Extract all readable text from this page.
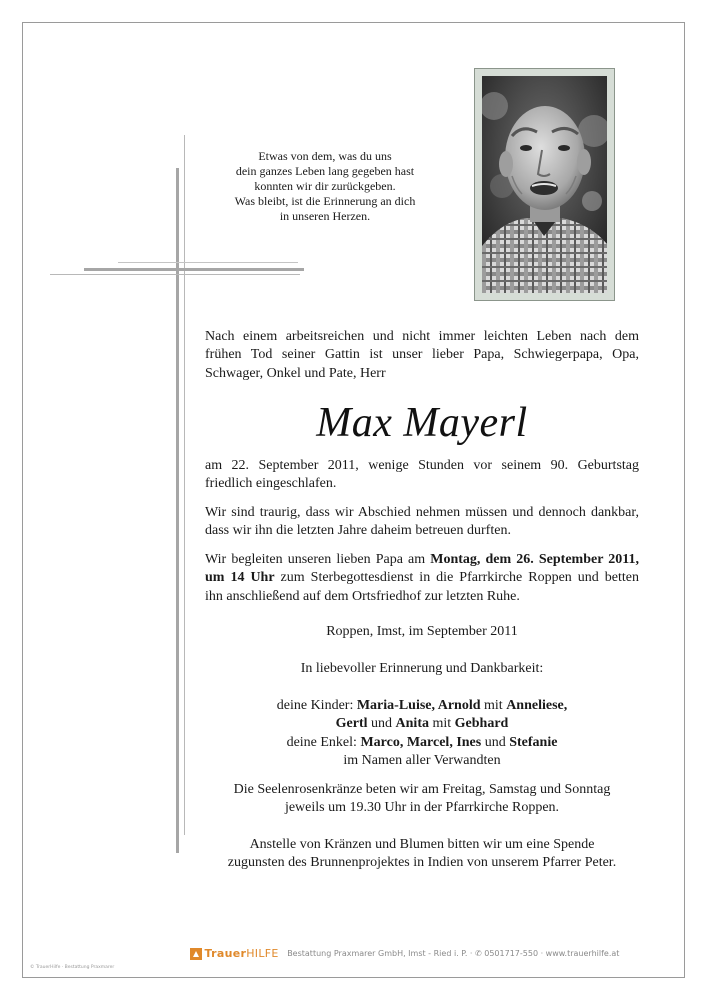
Etwas von dem, was du uns
dein ganzes Leben lang gegeben hast
konnten wir dir zurückgeben.
Was bleibt, ist die Erinnerung an dich
in unseren Herzen.
Nach einem arbeitsreichen und nicht immer leichten Leben nach dem
frühen Tod seiner Gattin ist unser lieber Papa, Schwiegerpapa, Opa,
Schwager, Onkel und Pate, Herr
Max Mayerl
am 22. September 2011, wenige Stunden vor seinem 90. Geburtstag
friedlich eingeschlafen.
Wir sind traurig, dass wir Abschied nehmen müssen und dennoch dankbar,
dass wir ihn die letzten Jahre daheim betreuen durften.
Wir begleiten unseren lieben Papa am Montag, dem 26. September 2011,
um 14 Uhr zum Sterbegottesdienst in die Pfarrkirche Roppen und betten
ihn anschließend auf dem Ortsfriedhof zur letzten Ruhe.
Roppen, Imst, im September 2011
In liebevoller Erinnerung und Dankbarkeit:
deine Kinder: Maria-Luise, Arnold mit Anneliese,
Gertl und Anita mit Gebhard
deine Enkel: Marco, Marcel, Ines und Stefanie
im Namen aller Verwandten
Die Seelenrosenkränze beten wir am Freitag, Samstag und Sonntag
jeweils um 19.30 Uhr in der Pfarrkirche Roppen.
Anstelle von Kränzen und Blumen bitten wir um eine Spende
zugunsten des Brunnenprojektes in Indien von unserem Pfarrer Peter.
TrauerHILFE Bestattung Praxmarer GmbH, Imst - Ried i. P. · ✆ 0501717-550 · www.trauerhilfe.at
© TrauerHilfe · Bestattung Praxmarer
